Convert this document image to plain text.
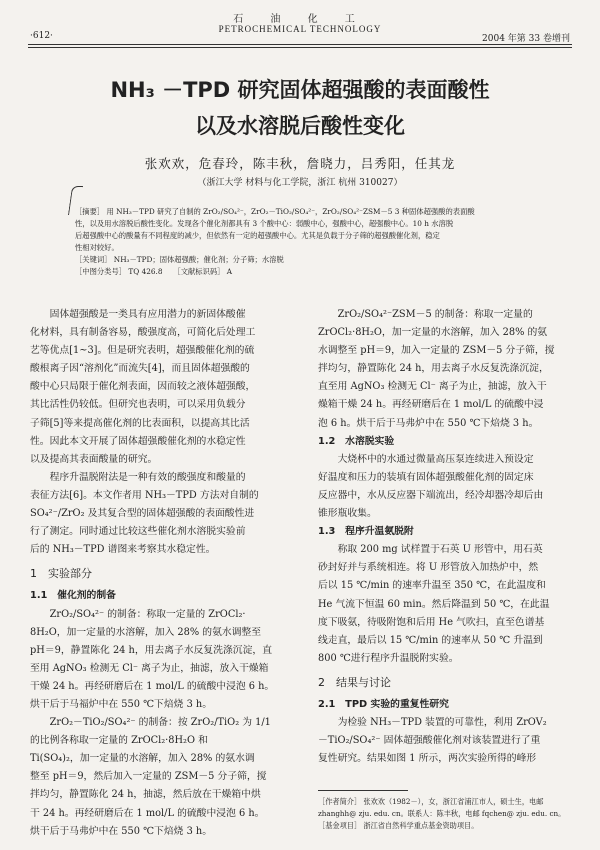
石 油 化 工
PETROCHEMICAL TECHNOLOGY
·612·	2004 年第 33 卷增刊
NH₃ －TPD 研究固体超强酸的表面酸性
以及水溶脱后酸性变化
张欢欢，危春玲，陈丰秋，詹晓力，吕秀阳，任其龙
（浙江大学 材料与化工学院，浙江 杭州 310027）

［摘要］ 用 NH₃－TPD 研究了自制的 ZrO₂/SO₄²⁻，ZrO₂－TiO₂/SO₄²⁻，ZrO₂/SO₄²⁻ZSM－5 3 种固体超强酸的表面酸

性，以及用水溶脱后酸性变化。发现各个催化剂都具有 3 个酸中心：弱酸中心，强酸中心，超强酸中心。10 h 水溶脱

后超强酸中心的酸量有不同程度的减少，但依然有一定的超强酸中心。尤其是负载于分子筛的超强酸催化剂，稳定

性相对较好。

［关键词］ NH₃－TPD；固体超强酸；催化剂；分子筛；水溶脱

［中图分类号］ TQ 426.8　　［文献标识码］ A

固体超强酸是一类具有应用潜力的新固体酸催

化材料，具有制备容易，酸强度高，可简化后处理工

艺等优点[1~3]。但是研究表明，超强酸催化剂的硫

酸根离子因“溶剂化”而流失[4]，而且固体超强酸的

酸中心只局限于催化剂表面，因而较之液体超强酸，

其比活性仍较低。但研究也表明，可以采用负载分

子筛[5]等来提高催化剂的比表面积，以提高其比活

性。因此本文开展了固体超强酸催化剂的水稳定性

以及提高其表面酸量的研究。

程序升温脱附法是一种有效的酸强度和酸量的

表征方法[6]。本文作者用 NH₃－TPD 方法对自制的

SO₄²⁻/ZrO₂ 及其复合型的固体超强酸的表面酸性进

行了测定。同时通过比较这些催化剂水溶脱实验前

后的 NH₃－TPD 谱图来考察其水稳定性。

1　实验部分

1.1　催化剂的制备

ZrO₂/SO₄²⁻ 的制备：称取一定量的 ZrOCl₂·

8H₂O，加一定量的水溶解，加入 28% 的氨水调整至

pH＝9，静置陈化 24 h，用去离子水反复洗涤沉淀，直

至用 AgNO₃ 检测无 Cl⁻ 离子为止，抽滤，放入干燥箱

干燥 24 h。再经研磨后在 1 mol/L 的硫酸中浸泡 6 h。

烘干后于马福炉中在 550 ℃下焙烧 3 h。

ZrO₂－TiO₂/SO₄²⁻ 的制备：按 ZrO₂/TiO₂ 为 1/1

的比例各称取一定量的 ZrOCl₂·8H₂O 和

Ti(SO₄)₂，加一定量的水溶解，加入 28% 的氨水调

整至 pH＝9，然后加入一定量的 ZSM－5 分子筛，搅

拌均匀，静置陈化 24 h，抽滤，然后放在干燥箱中烘

干 24 h。再经研磨后在 1 mol/L 的硫酸中浸泡 6 h。

烘干后于马弗炉中在 550 ℃下焙烧 3 h。

ZrO₂/SO₄²⁻ZSM－5 的制备：称取一定量的

ZrOCl₂·8H₂O，加一定量的水溶解，加入 28% 的氨

水调整至 pH＝9，加入一定量的 ZSM－5 分子筛，搅

拌均匀，静置陈化 24 h，用去离子水反复洗涤沉淀，

直至用 AgNO₃ 检测无 Cl⁻ 离子为止，抽滤，放入干

燥箱干燥 24 h。再经研磨后在 1 mol/L 的硫酸中浸

泡 6 h。烘干后于马弗炉中在 550 ℃下焙烧 3 h。

1.2　水溶脱实验

大烧杯中的水通过微量高压泵连续进入预设定

好温度和压力的装填有固体超强酸催化剂的固定床

反应器中，水从反应器下端流出，经冷却器冷却后由

锥形瓶收集。

1.3　程序升温氨脱附

称取 200 mg 试样置于石英 U 形管中，用石英

砂封好并与系统相连。将 U 形管放入加热炉中，然

后以 15 ℃/min 的速率升温至 350 ℃，在此温度和

He 气流下恒温 60 min。然后降温到 50 ℃，在此温

度下吸氨，待吸附饱和后用 He 气吹扫，直至色谱基

线走直，最后以 15 ℃/min 的速率从 50 ℃ 升温到

800 ℃进行程序升温脱附实验。

2　结果与讨论

2.1　TPD 实验的重复性研究

为检验 NH₃－TPD 装置的可靠性，利用 ZrOV₂

－TiO₂/SO₄²⁻ 固体超强酸催化剂对该装置进行了重

复性研究。结果如图 1 所示，两次实验所得的峰形

［作者简介］ 张欢欢（1982－），女，浙江省浦江市人，硕士生，电邮

zhanghh@ zju. edu. cn。联系人：陈丰秋，电邮 fqchen@ zju. edu. cn。

［基金项目］ 浙江省自然科学重点基金资助项目。
